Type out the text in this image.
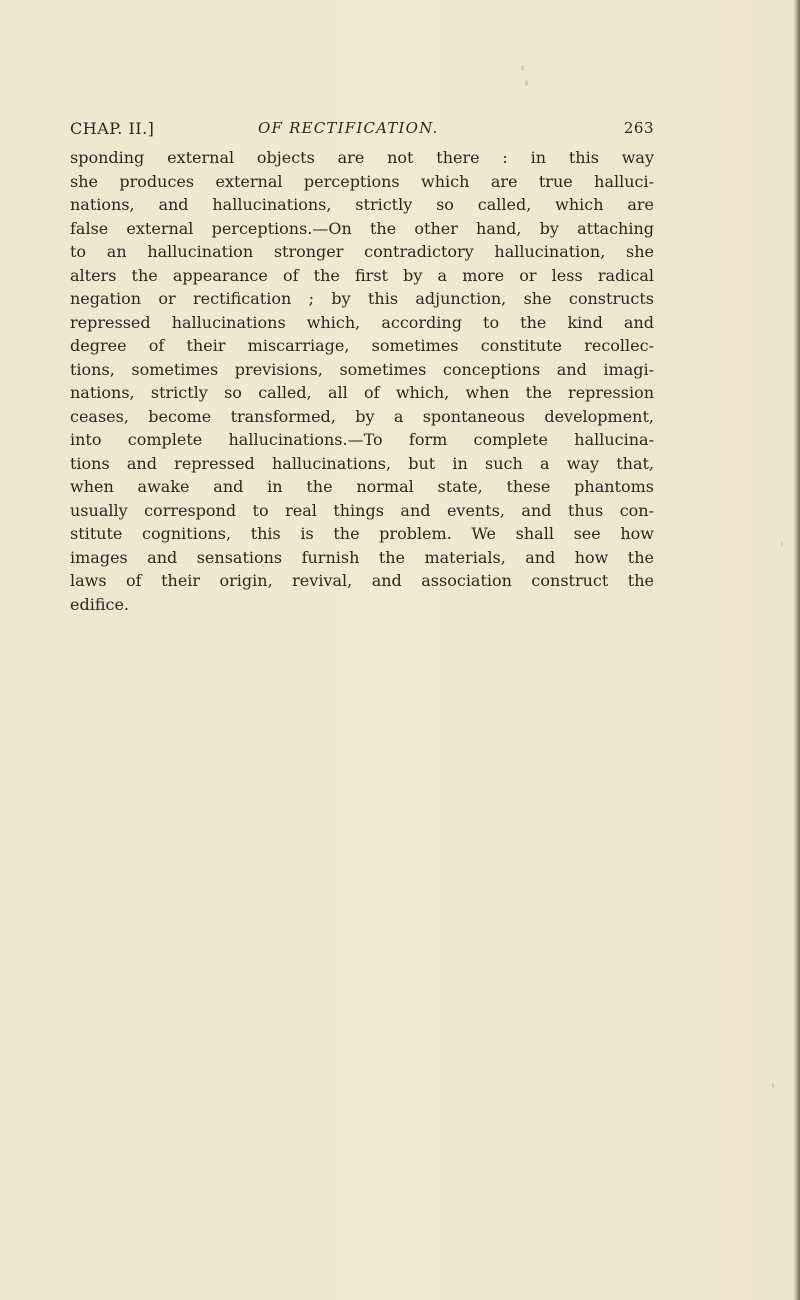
CHAP. II.]	OF RECTIFICATION.	263
sponding external objects are not there : in this way
she produces external perceptions which are true halluci-
nations, and hallucinations, strictly so called, which are
false external perceptions.—On the other hand, by attaching
to an hallucination stronger contradictory hallucination, she
alters the appearance of the first by a more or less radical
negation or rectification ; by this adjunction, she constructs
repressed hallucinations which, according to the kind and
degree of their miscarriage, sometimes constitute recollec-
tions, sometimes previsions, sometimes conceptions and imagi-
nations, strictly so called, all of which, when the repression
ceases, become transformed, by a spontaneous development,
into complete hallucinations.—To form complete hallucina-
tions and repressed hallucinations, but in such a way that,
when awake and in the normal state, these phantoms
usually correspond to real things and events, and thus con-
stitute cognitions, this is the problem. We shall see how
images and sensations furnish the materials, and how the
laws of their origin, revival, and association construct the
edifice.
